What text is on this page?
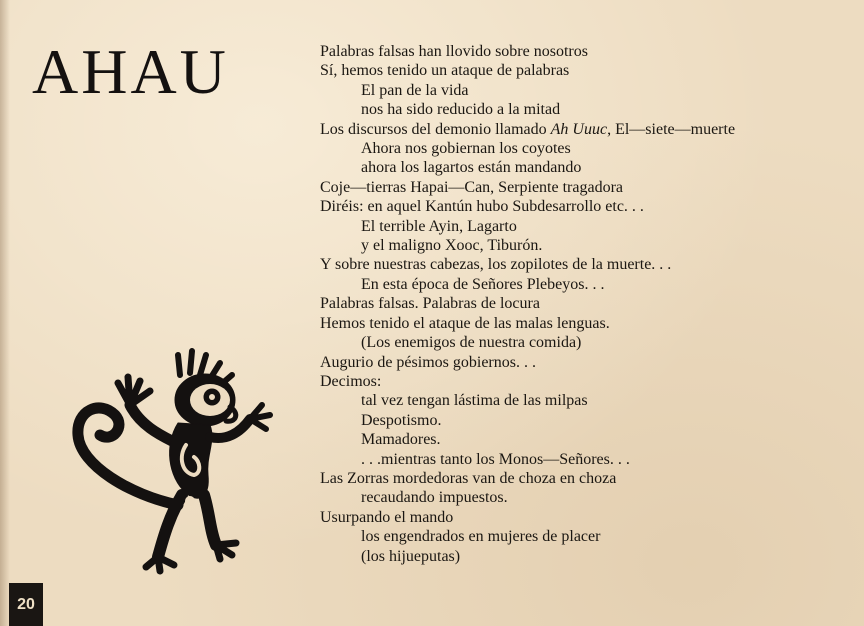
AHAU	Palabras falsas han llovido sobre nosotros
Sí, hemos tenido un ataque de palabras
El pan de la vida
nos ha sido reducido a la mitad
Los discursos del demonio llamado Ah Uuuc, El—siete—muerte
Ahora nos gobiernan los coyotes
ahora los lagartos están mandando
Coje—tierras Hapai—Can, Serpiente tragadora
Diréis: en aquel Kantún hubo Subdesarrollo etc. . .
El terrible Ayin, Lagarto
y el maligno Xooc, Tiburón.
Y sobre nuestras cabezas, los zopilotes de la muerte. . .
En esta época de Señores Plebeyos. . .
Palabras falsas. Palabras de locura
Hemos tenido el ataque de las malas lenguas.
(Los enemigos de nuestra comida)
Augurio de pésimos gobiernos. . .
Decimos:
tal vez tengan lástima de las milpas
Despotismo.
Mamadores.
. . .mientras tanto los Monos—Señores. . .
Las Zorras mordedoras van de choza en choza
recaudando impuestos.
Usurpando el mando
los engendrados en mujeres de placer
(los hijueputas)
20
